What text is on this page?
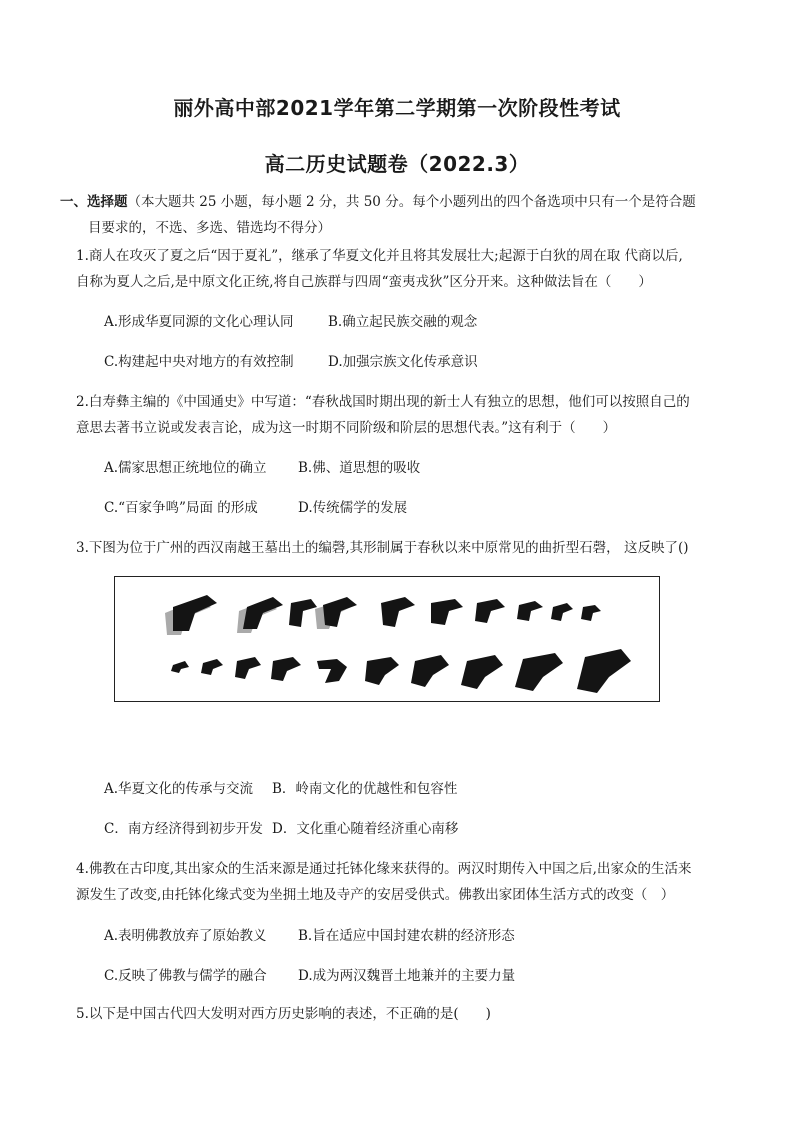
丽外高中部2021学年第二学期第一次阶段性考试
高二历史试题卷（2022.3）
一、选择题（本大题共 25 小题，每小题 2 分，共 50 分。每个小题列出的四个备选项中只有一个是符合题
目要求的，不选、多选、错选均不得分）
1.商人在攻灭了夏之后“因于夏礼”，继承了华夏文化并且将其发展壮大;起源于白狄的周在取 代商以后,
自称为夏人之后,是中原文化正统,将自己族群与四周“蛮夷戎狄”区分开来。这种做法旨在（　　）
A.形成华夏同源的文化心理认同	B.确立起民族交融的观念
C.构建起中央对地方的有效控制	D.加强宗族文化传承意识
2.白寿彝主编的《中国通史》中写道：“春秋战国时期出现的新士人有独立的思想，他们可以按照自己的
意思去著书立说或发表言论，成为这一时期不同阶级和阶层的思想代表。”这有利于（　　）
A.儒家思想正统地位的确立 B.佛、道思想的吸收
C.“百家争鸣”局面 的形成	D.传统儒学的发展
3.下图为位于广州的西汉南越王墓出土的编磬,其形制属于春秋以来中原常见的曲折型石磬， 这反映了()
A.华夏文化的传承与交流 B．岭南文化的优越性和包容性
C．南方经济得到初步开发 D．文化重心随着经济重心南移
4.佛教在古印度,其出家众的生活来源是通过托钵化缘来获得的。两汉时期传入中国之后,出家众的生活来
源发生了改变,由托钵化缘式变为坐拥土地及寺产的安居受供式。佛教出家团体生活方式的改变（　）
A.表明佛教放弃了原始教义 B.旨在适应中国封建农耕的经济形态
C.反映了佛教与儒学的融合 D.成为两汉魏晋土地兼并的主要力量
5.以下是中国古代四大发明对西方历史影响的表述，不正确的是(　　)
